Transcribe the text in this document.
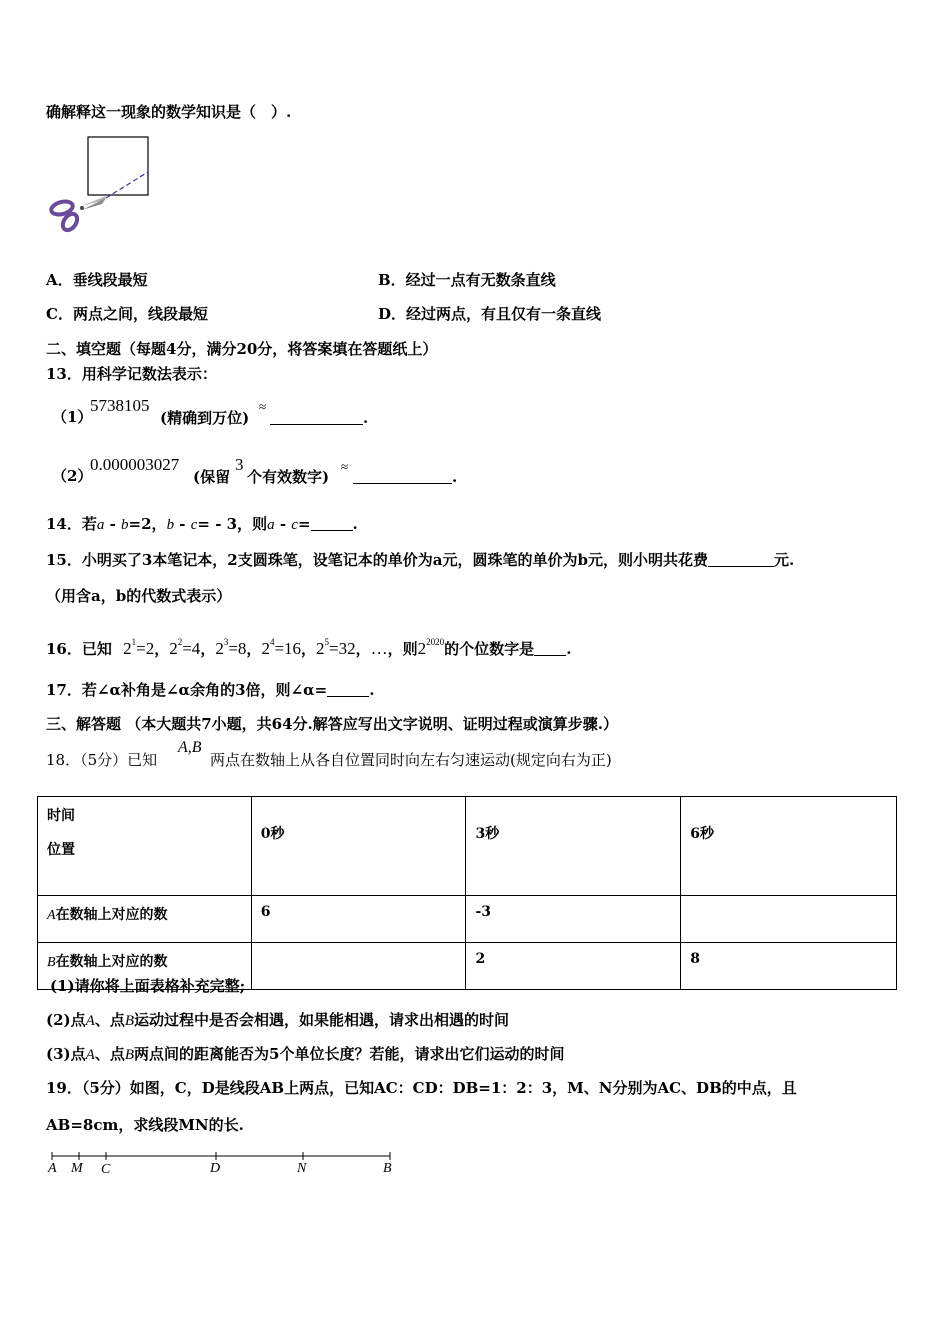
确解释这一现象的数学知识是（　）.
A．垂线段最短	B．经过一点有无数条直线
C．两点之间，线段最短	D．经过两点，有且仅有一条直线
二、填空题（每题4分，满分20分，将答案填在答题纸上）
13．用科学记数法表示：
（1）
5738105
(精确到万位)
≈
.
（2）
0.000003027
(保留
3
个有效数字)
≈
.
14．若a - b=2，b - c= - 3，则a - c=	.
15．小明买了3本笔记本，2支圆珠笔，设笔记本的单价为a元，圆珠笔的单价为b元，则小明共花费	元.
（用含a，b的代数式表示）
16．已知 $2^1=2$，$2^2=4$，$2^3=8$，$2^4=16$，$2^5=32$，…，则$2^{2020}$的个位数字是 .
17．若∠α补角是∠α余角的3倍，则∠α=	.
三、解答题 （本大题共7小题，共64分.解答应写出文字说明、证明过程或演算步骤.）
18．（5分）已知
A,B
两点在数轴上从各自位置同时向左右匀速运动(规定向右为正)
时间
位置	0秒	3秒	6秒
A在数轴上对应的数	6	-3	
B在数轴上对应的数		2	8
(1)请你将上面表格补充完整;
(2)点A、点B运动过程中是否会相遇，如果能相遇，请求出相遇的时间
(3)点A、点B两点间的距离能否为5个单位长度？若能，请求出它们运动的时间
19．（5分）如图，C，D是线段AB上两点，已知AC：CD：DB=1：2：3，M、N分别为AC、DB的中点，且
AB=8cm，求线段MN的长.
A M C	D	N	B
